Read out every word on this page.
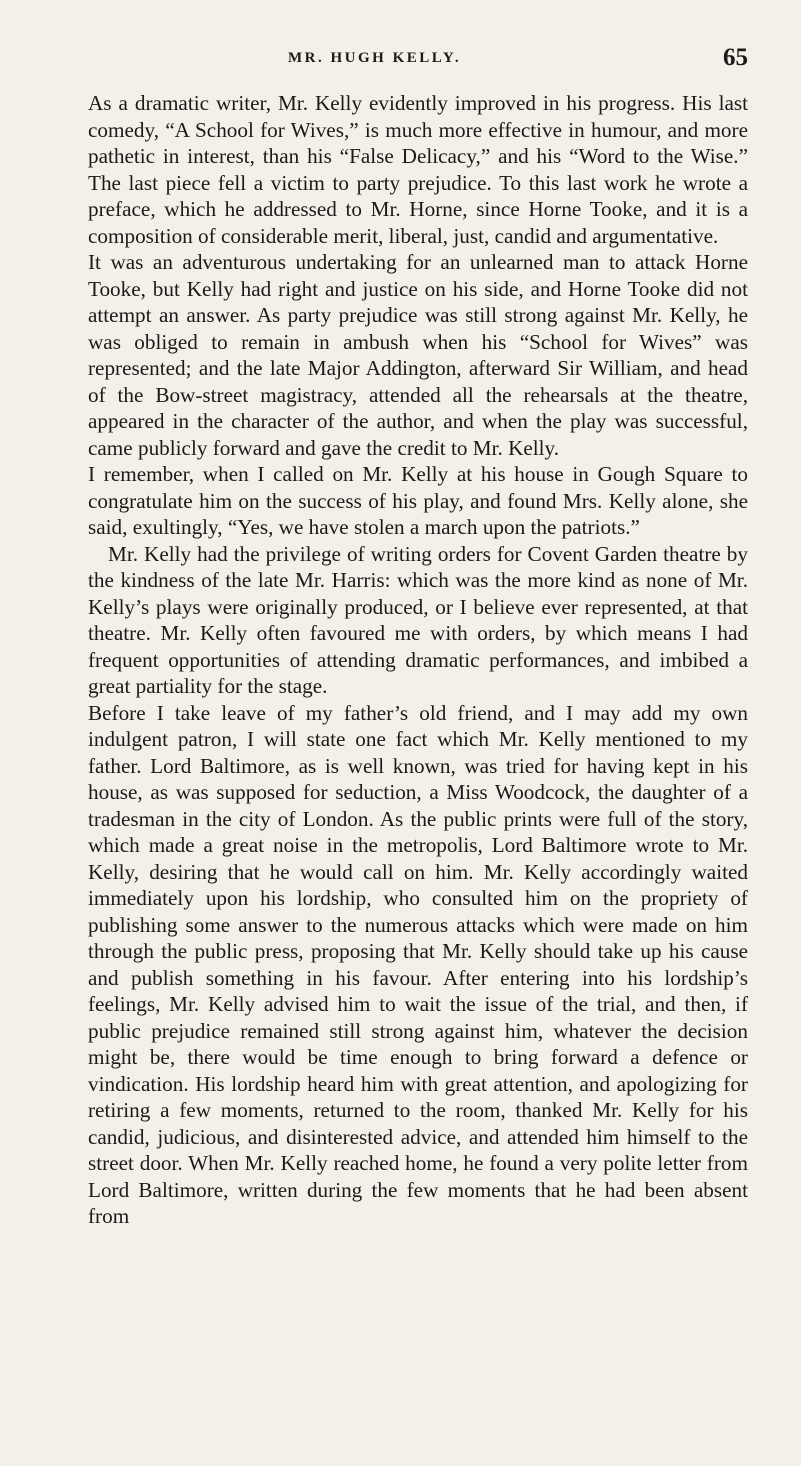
MR. HUGH KELLY.	65

As a dramatic writer, Mr. Kelly evidently improved in his progress. His last comedy, “A School for Wives,” is much more effective in humour, and more pathetic in interest, than his “False Delicacy,” and his “Word to the Wise.” The last piece fell a victim to party prejudice. To this last work he wrote a preface, which he addressed to Mr. Horne, since Horne Tooke, and it is a composition of considerable merit, liberal, just, candid and argumentative.

It was an adventurous undertaking for an unlearned man to attack Horne Tooke, but Kelly had right and justice on his side, and Horne Tooke did not attempt an answer. As party prejudice was still strong against Mr. Kelly, he was obliged to remain in ambush when his “School for Wives” was represented; and the late Major Addington, afterward Sir William, and head of the Bow-street magistracy, attended all the rehearsals at the theatre, appeared in the character of the author, and when the play was successful, came publicly forward and gave the credit to Mr. Kelly.

I remember, when I called on Mr. Kelly at his house in Gough Square to congratulate him on the success of his play, and found Mrs. Kelly alone, she said, exultingly, “Yes, we have stolen a march upon the patriots.”

Mr. Kelly had the privilege of writing orders for Covent Garden theatre by the kindness of the late Mr. Harris: which was the more kind as none of Mr. Kelly’s plays were originally produced, or I believe ever represented, at that theatre. Mr. Kelly often favoured me with orders, by which means I had frequent opportunities of attending dramatic performances, and imbibed a great partiality for the stage.

Before I take leave of my father’s old friend, and I may add my own indulgent patron, I will state one fact which Mr. Kelly mentioned to my father. Lord Baltimore, as is well known, was tried for having kept in his house, as was supposed for seduction, a Miss Woodcock, the daughter of a tradesman in the city of London. As the public prints were full of the story, which made a great noise in the metropolis, Lord Baltimore wrote to Mr. Kelly, desiring that he would call on him. Mr. Kelly accordingly waited immediately upon his lordship, who consulted him on the propriety of publishing some answer to the numerous attacks which were made on him through the public press, proposing that Mr. Kelly should take up his cause and publish something in his favour. After entering into his lordship’s feelings, Mr. Kelly advised him to wait the issue of the trial, and then, if public prejudice remained still strong against him, whatever the decision might be, there would be time enough to bring forward a defence or vindication. His lordship heard him with great attention, and apologizing for retiring a few moments, returned to the room, thanked Mr. Kelly for his candid, judicious, and disinterested advice, and attended him himself to the street door. When Mr. Kelly reached home, he found a very polite letter from Lord Baltimore, written during the few moments that he had been absent from
